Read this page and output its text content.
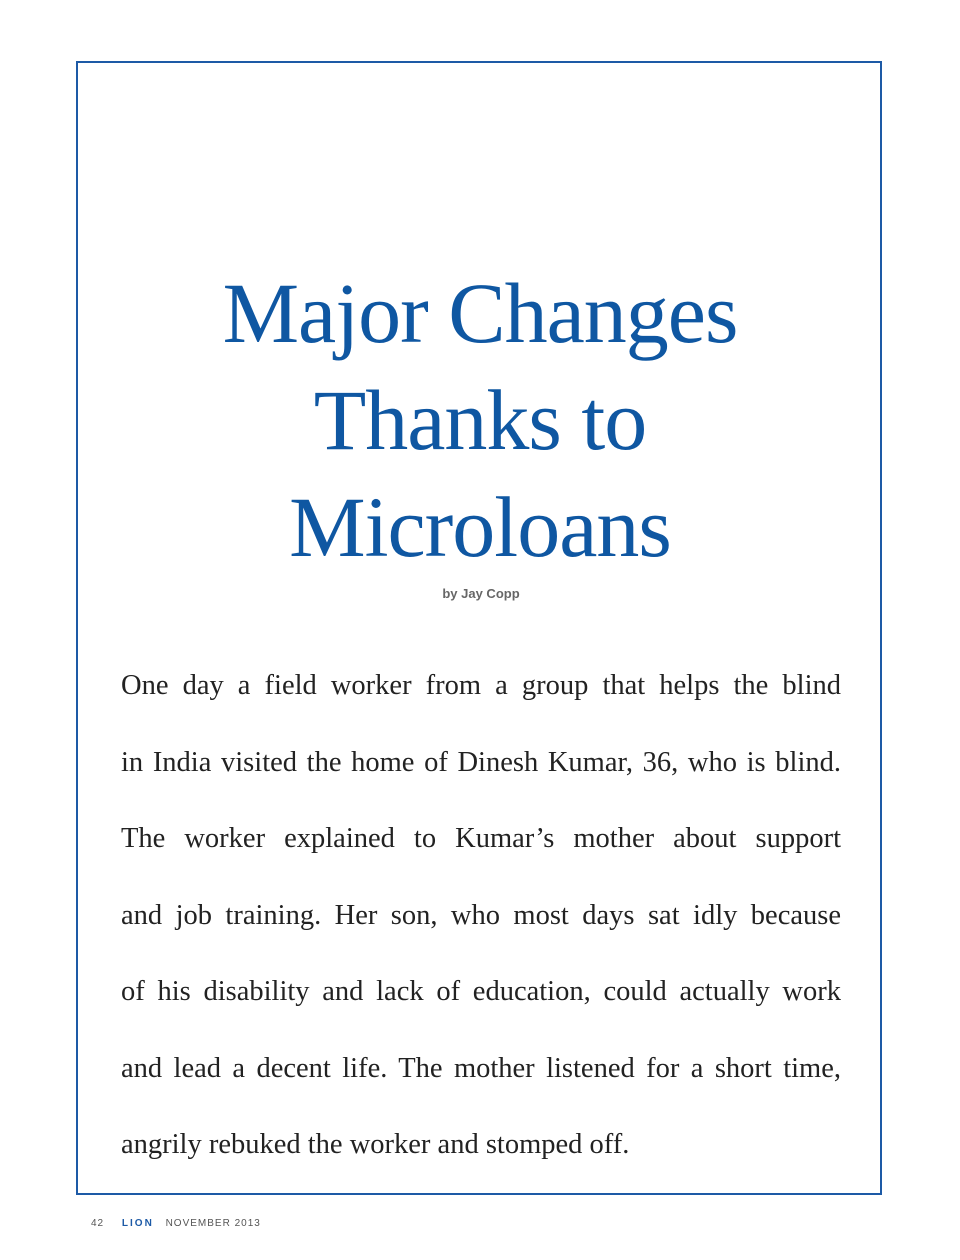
Major Changes
Thanks to
Microloans
by Jay Copp
One day a field worker from a group that helps the blind
in India visited the home of Dinesh Kumar, 36, who is blind.
The worker explained to Kumar’s mother about support
and job training. Her son, who most days sat idly because
of his disability and lack of education, could actually work
and lead a decent life. The mother listened for a short time,
angrily rebuked the worker and stomped off.
42 LION NOVEMBER 2013
